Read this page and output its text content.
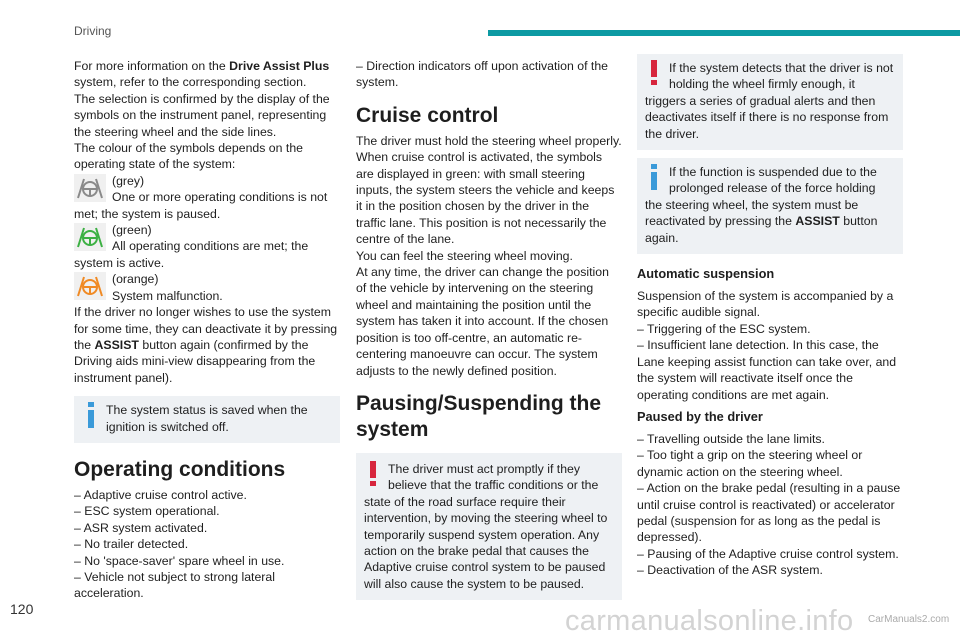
Driving

For more information on the Drive Assist Plus system, refer to the corresponding section.

The selection is confirmed by the display of the symbols on the instrument panel, representing the steering wheel and the side lines.

The colour of the symbols depends on the operating state of the system:

(grey)
One or more operating conditions is not met; the system is paused.
(green)
All operating conditions are met; the system is active.
(orange)
System malfunction.

If the driver no longer wishes to use the system for some time, they can deactivate it by pressing the ASSIST button again (confirmed by the Driving aids mini-view disappearing from the instrument panel).

The system status is saved when the ignition is switched off.
Operating conditions

– Adaptive cruise control active.

– ESC system operational.

– ASR system activated.

– No trailer detected.

– No 'space-saver' spare wheel in use.

– Vehicle not subject to strong lateral acceleration.

– Direction indicators off upon activation of the system.

Cruise control

The driver must hold the steering wheel properly. When cruise control is activated, the symbols are displayed in green: with small steering inputs, the system steers the vehicle and keeps it in the position chosen by the driver in the traffic lane. This position is not necessarily the centre of the lane.

You can feel the steering wheel moving.

At any time, the driver can change the position of the vehicle by intervening on the steering wheel and maintaining the position until the system has taken it into account. If the chosen position is too off-centre, an automatic re-centering manoeuvre can occur. The system adjusts to the newly defined position.

Pausing/Suspending the system
The driver must act promptly if they believe that the traffic conditions or the state of the road surface require their intervention, by moving the steering wheel to temporarily suspend system operation. Any action on the brake pedal that causes the Adaptive cruise control system to be paused will also cause the system to be paused.
If the system detects that the driver is not holding the wheel firmly enough, it triggers a series of gradual alerts and then deactivates itself if there is no response from the driver.
If the function is suspended due to the prolonged release of the force holding the steering wheel, the system must be reactivated by pressing the ASSIST button again.
Automatic suspension

Suspension of the system is accompanied by a specific audible signal.

– Triggering of the ESC system.

– Insufficient lane detection. In this case, the Lane keeping assist function can take over, and the system will reactivate itself once the operating conditions are met again.

Paused by the driver

– Travelling outside the lane limits.

– Too tight a grip on the steering wheel or dynamic action on the steering wheel.

– Action on the brake pedal (resulting in a pause until cruise control is reactivated) or accelerator pedal (suspension for as long as the pedal is depressed).

– Pausing of the Adaptive cruise control system.

– Deactivation of the ASR system.

120	carmanualsonline.info CarManuals2.com
